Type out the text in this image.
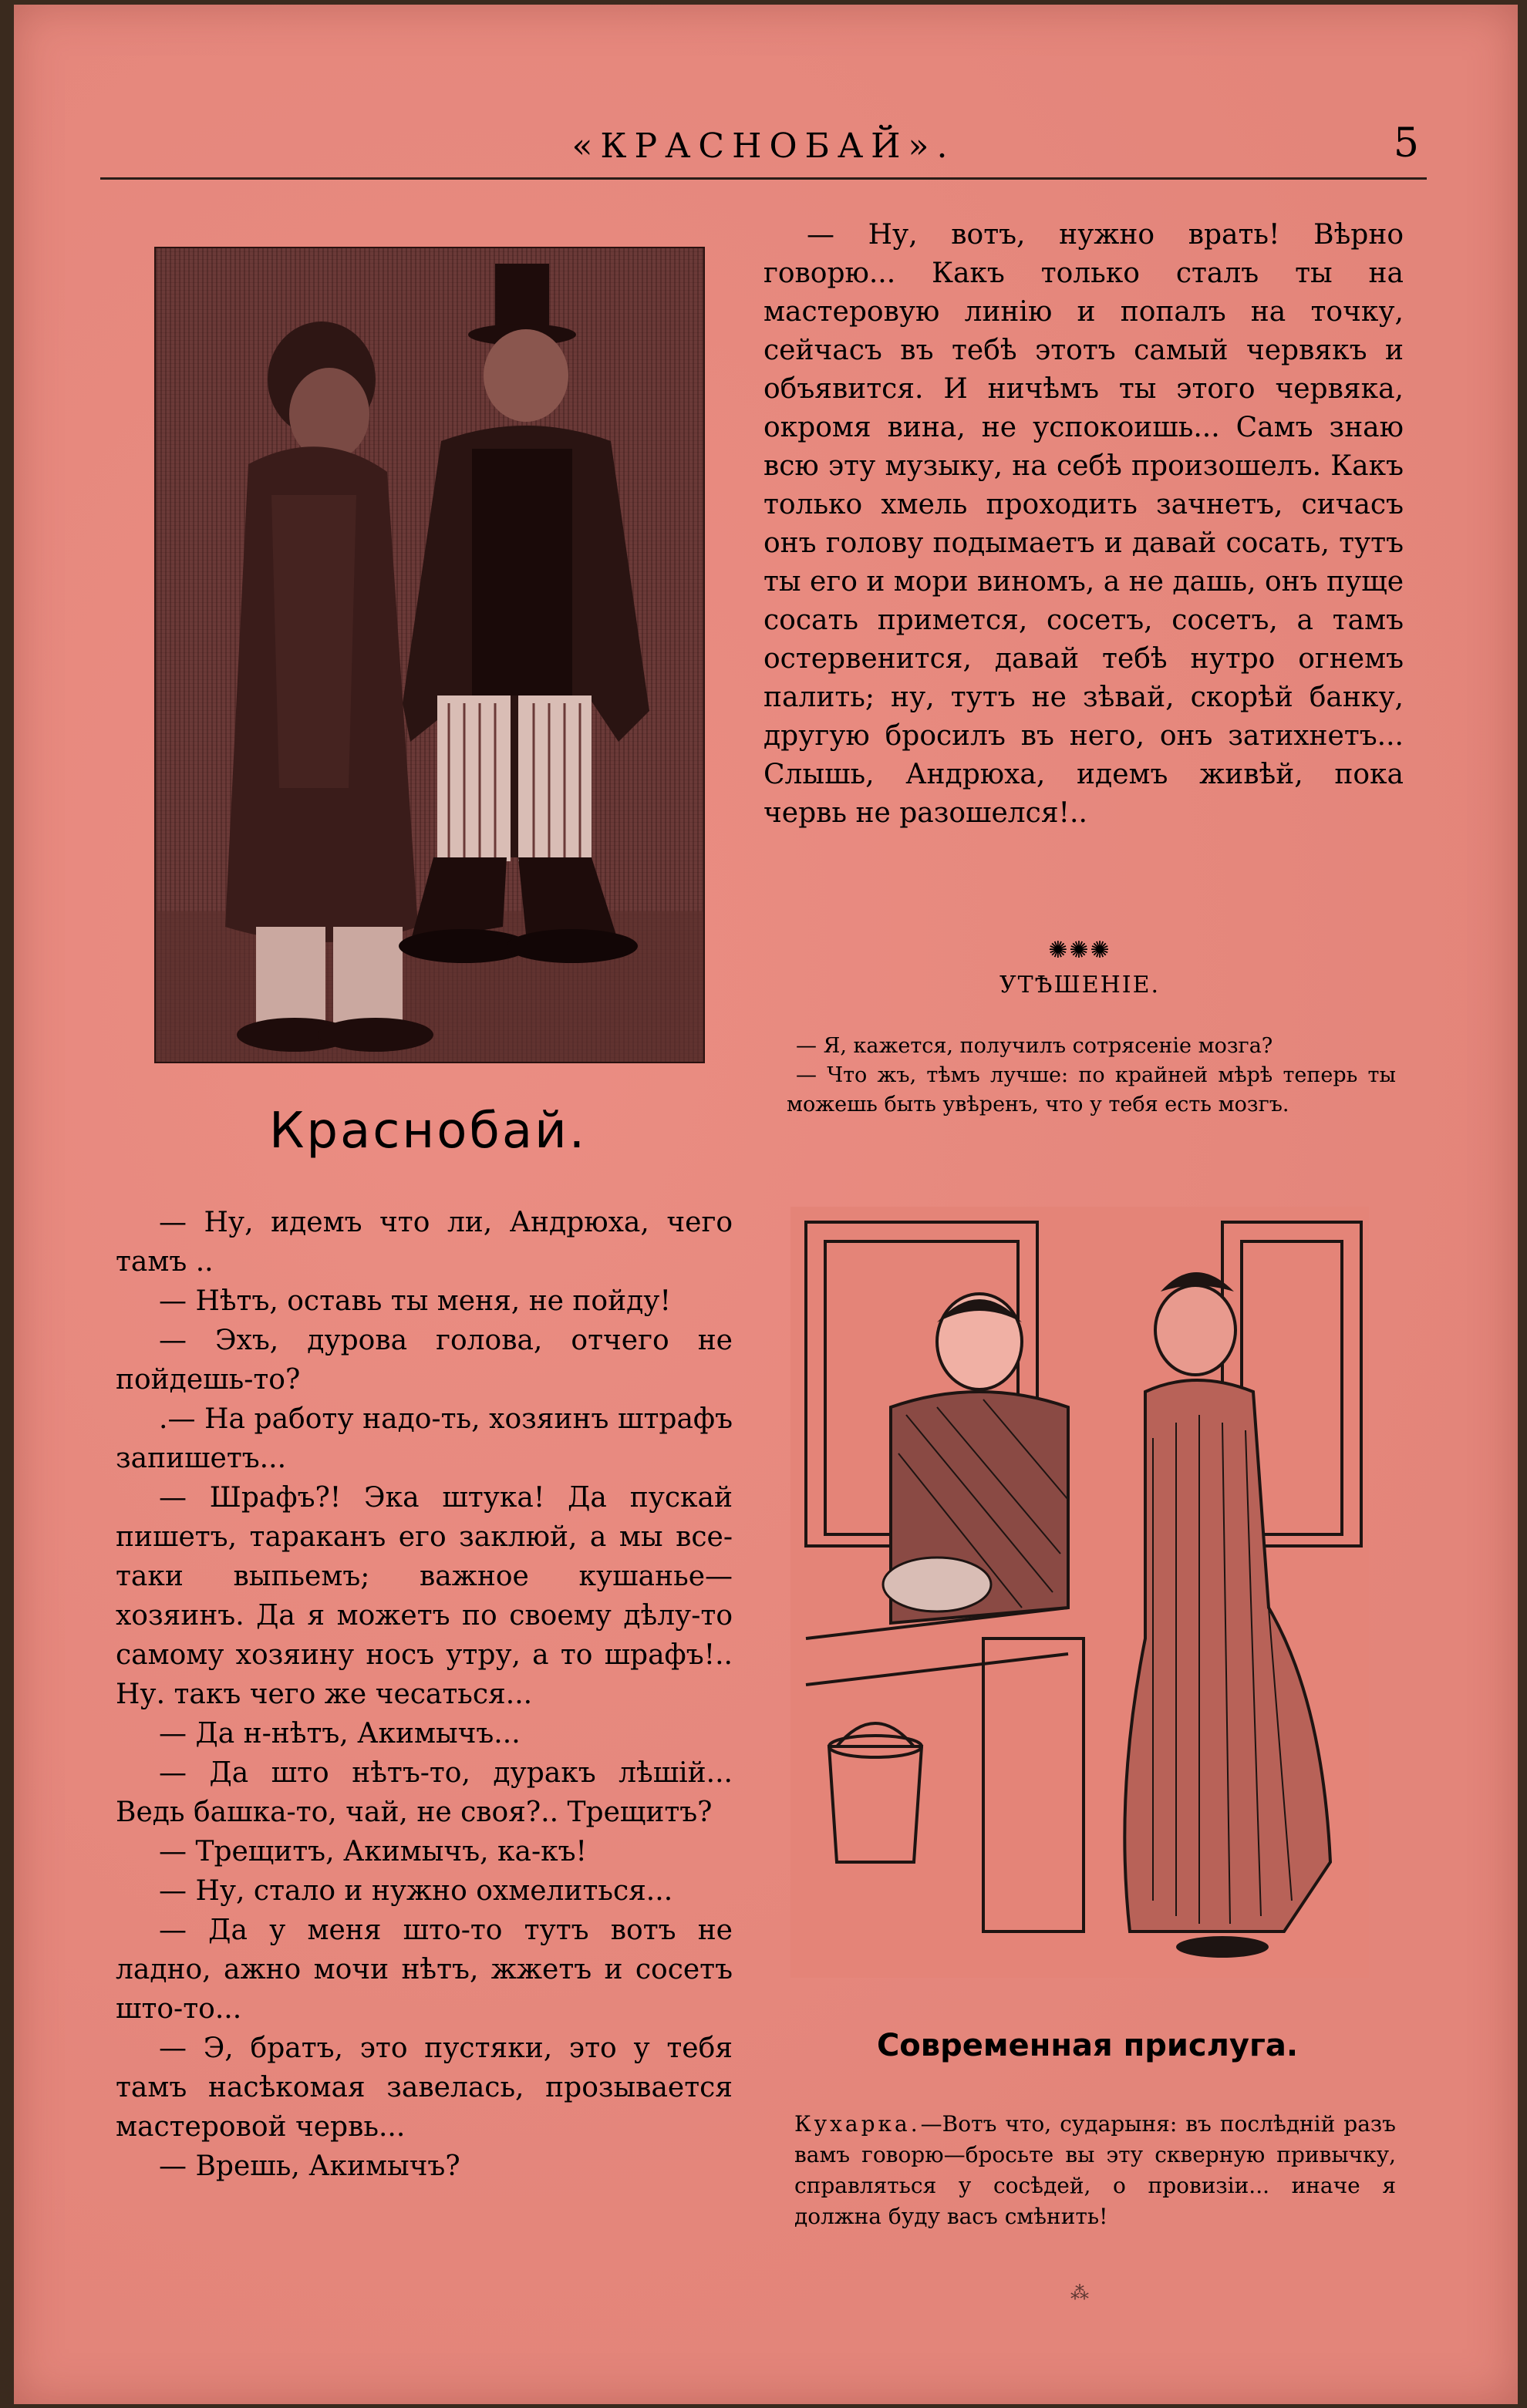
«КРАСНОБАЙ».	5
Краснобай.

— Ну, идемъ что ли, Андрюха, чего тамъ ..

— Нѣтъ, оставь ты меня, не пойду!

— Эхъ, дурова голова, отчего не пойдешь-то?

.— На работу надо-ть, хозяинъ штрафъ запишетъ...

— Шрафъ?! Эка штука! Да пускай пишетъ, тараканъ его заклюй, а мы все-таки выпьемъ; важное кушанье—хозяинъ. Да я можетъ по своему дѣлу-то самому хозяину носъ утру, а то шрафъ!.. Ну. такъ чего же чесаться...

— Да н-нѣтъ, Акимычъ...

— Да што нѣтъ-то, дуракъ лѣшій... Ведь башка-то, чай, не своя?.. Трещитъ?

— Трещитъ, Акимычъ, ка-къ!

— Ну, стало и нужно охмелиться...

— Да у меня што-то тутъ вотъ не ладно, ажно мочи нѣтъ, жжетъ и сосетъ што-то...

— Э, братъ, это пустяки, это у тебя тамъ насѣкомая завелась, прозывается мастеровой червь...

— Врешь, Акимычъ?

— Ну, вотъ, нужно врать! Вѣрно говорю... Какъ только сталъ ты на мастеровую линію и попалъ на точку, сейчасъ въ тебѣ этотъ самый червякъ и объявится. И ничѣмъ ты этого червяка, окромя вина, не успокоишь... Самъ знаю всю эту музыку, на себѣ произошелъ. Какъ только хмель проходить зачнетъ, сичасъ онъ голову подымаетъ и давай сосать, тутъ ты его и мори виномъ, а не дашь, онъ пуще сосать примется, сосетъ, сосетъ, а тамъ остервенится, давай тебѣ нутро огнемъ палить; ну, тутъ не зѣвай, скорѣй банку, другую бросилъ въ него, онъ затихнетъ... Слышь, Андрюха, идемъ живѣй, пока червь не разошелся!..

✺✺✺
УТѢШЕНІЕ.

— Я, кажется, получилъ сотрясеніе мозга?

— Что жъ, тѣмъ лучше: по крайней мѣрѣ теперь ты можешь быть увѣренъ, что у тебя есть мозгъ.

Современная прислуга.
Кухарка.—Вотъ что, сударыня: въ послѣдній разъ вамъ говорю—бросьте вы эту скверную привычку, справляться у сосѣдей, о провизіи... иначе я должна буду васъ смѣнить!
⁂
